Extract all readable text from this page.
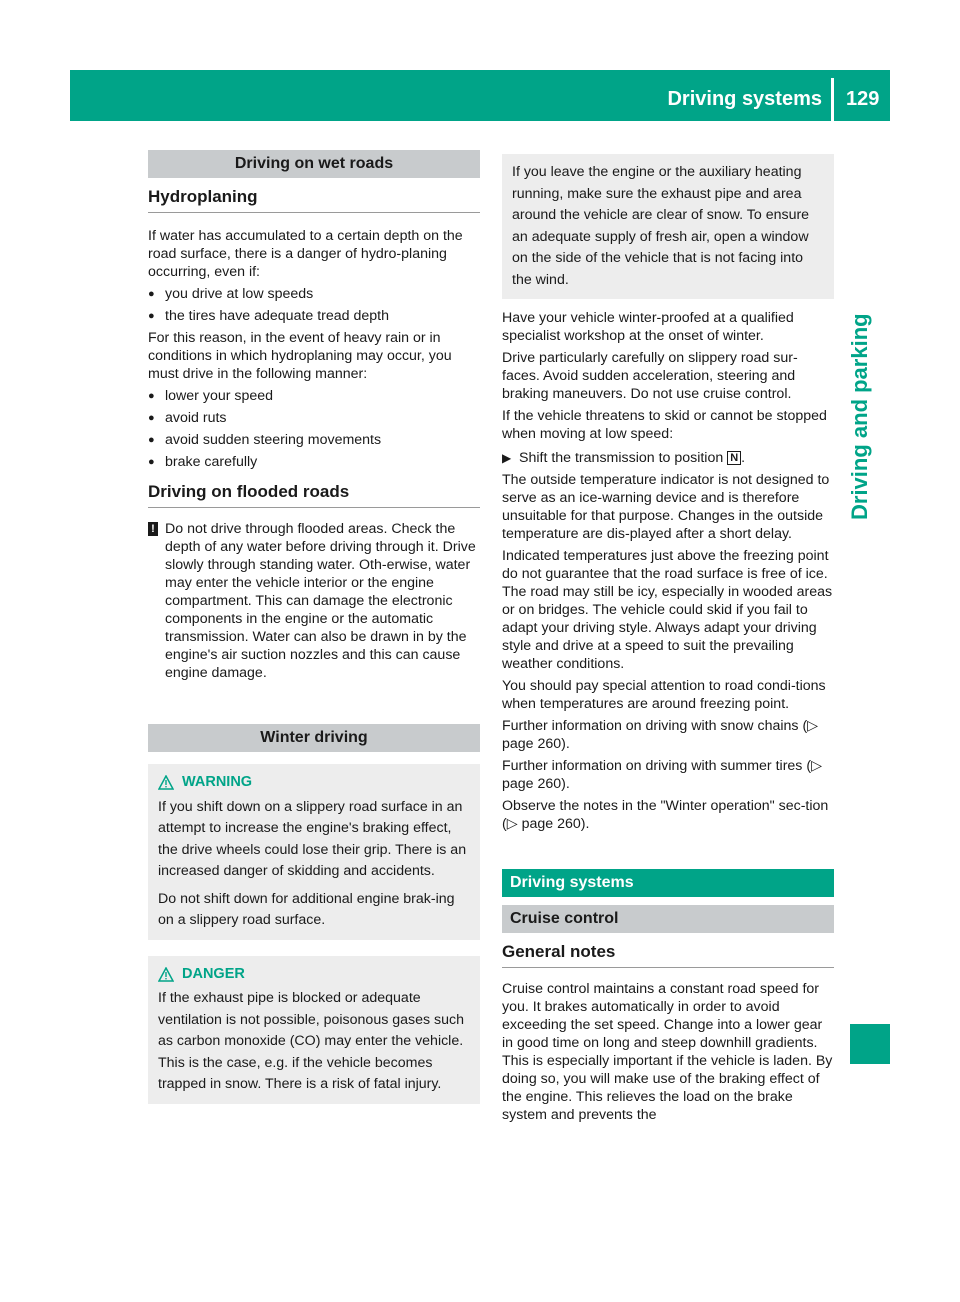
Driving systems 129
Driving and parking
Driving on wet roads
Hydroplaning

If water has accumulated to a certain depth on the road surface, there is a danger of hydro-planing occurring, even if:

● you drive at low speeds
● the tires have adequate tread depth

For this reason, in the event of heavy rain or in conditions in which hydroplaning may occur, you must drive in the following manner:

● lower your speed
● avoid ruts
● avoid sudden steering movements
● brake carefully
Driving on flooded roads
! Do not drive through flooded areas. Check the depth of any water before driving through it. Drive slowly through standing water. Oth-erwise, water may enter the vehicle interior or the engine compartment. This can damage the electronic components in the engine or the automatic transmission. Water can also be drawn in by the engine's air suction nozzles and this can cause engine damage.
Winter driving
WARNING

If you shift down on a slippery road surface in an attempt to increase the engine's braking effect, the drive wheels could lose their grip. There is an increased danger of skidding and accidents.

Do not shift down for additional engine brak-ing on a slippery road surface.

DANGER

If the exhaust pipe is blocked or adequate ventilation is not possible, poisonous gases such as carbon monoxide (CO) may enter the vehicle. This is the case, e.g. if the vehicle becomes trapped in snow. There is a risk of fatal injury.

If you leave the engine or the auxiliary heating running, make sure the exhaust pipe and area around the vehicle are clear of snow. To ensure an adequate supply of fresh air, open a window on the side of the vehicle that is not facing into the wind.

Have your vehicle winter-proofed at a qualified specialist workshop at the onset of winter.

Drive particularly carefully on slippery road sur-faces. Avoid sudden acceleration, steering and braking maneuvers. Do not use cruise control.

If the vehicle threatens to skid or cannot be stopped when moving at low speed:

▶ Shift the transmission to position N .

The outside temperature indicator is not designed to serve as an ice-warning device and is therefore unsuitable for that purpose. Changes in the outside temperature are dis-played after a short delay.

Indicated temperatures just above the freezing point do not guarantee that the road surface is free of ice. The road may still be icy, especially in wooded areas or on bridges. The vehicle could skid if you fail to adapt your driving style. Always adapt your driving style and drive at a speed to suit the prevailing weather conditions.

You should pay special attention to road condi-tions when temperatures are around freezing point.

Further information on driving with snow chains (▷ page 260).

Further information on driving with summer tires (▷ page 260).

Observe the notes in the "Winter operation" sec-tion (▷ page 260).

Driving systems
Cruise control
General notes

Cruise control maintains a constant road speed for you. It brakes automatically in order to avoid exceeding the set speed. Change into a lower gear in good time on long and steep downhill gradients. This is especially important if the vehicle is laden. By doing so, you will make use of the braking effect of the engine. This relieves the load on the brake system and prevents the
